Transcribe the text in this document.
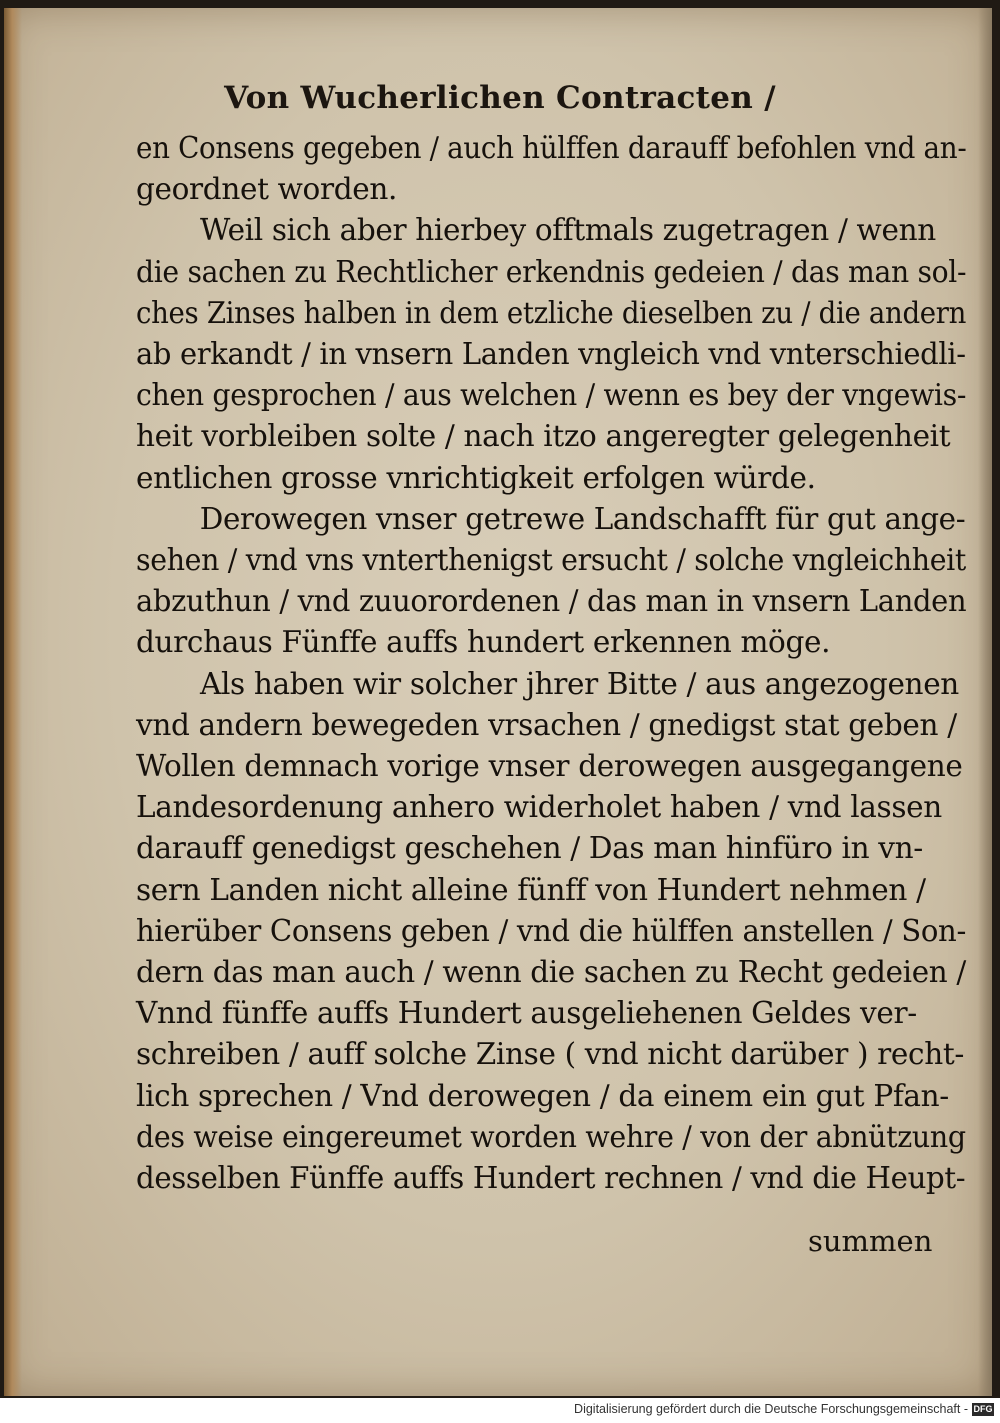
Von Wucherlichen Contracten /
en Consens gegeben / auch hülffen darauff befohlen vnd an-
geordnet worden.
Weil sich aber hierbey offtmals zugetragen / wenn
die sachen zu Rechtlicher erkendnis gedeien / das man sol-
ches Zinses halben in dem etzliche dieselben zu / die andern
ab erkandt / in vnsern Landen vngleich vnd vnterschiedli-
chen gesprochen / aus welchen / wenn es bey der vngewis-
heit vorbleiben solte / nach itzo angeregter gelegenheit
entlichen grosse vnrichtigkeit erfolgen würde.
Derowegen vnser getrewe Landschafft für gut ange-
sehen / vnd vns vnterthenigst ersucht / solche vngleichheit
abzuthun / vnd zuuorordenen / das man in vnsern Landen
durchaus Fünffe auffs hundert erkennen möge.
Als haben wir solcher jhrer Bitte / aus angezogenen
vnd andern bewegeden vrsachen / gnedigst stat geben /
Wollen demnach vorige vnser derowegen ausgegangene
Landesordenung anhero widerholet haben / vnd lassen
darauff genedigst geschehen / Das man hinfüro in vn-
sern Landen nicht alleine fünff von Hundert nehmen /
hierüber Consens geben / vnd die hülffen anstellen / Son-
dern das man auch / wenn die sachen zu Recht gedeien /
Vnnd fünffe auffs Hundert ausgeliehenen Geldes ver-
schreiben / auff solche Zinse ( vnd nicht darüber ) recht-
lich sprechen / Vnd derowegen / da einem ein gut Pfan-
des weise eingereumet worden wehre / von der abnützung
desselben Fünffe auffs Hundert rechnen / vnd die Heupt-
summen
Digitalisierung gefördert durch die Deutsche Forschungsgemeinschaft - DFG
